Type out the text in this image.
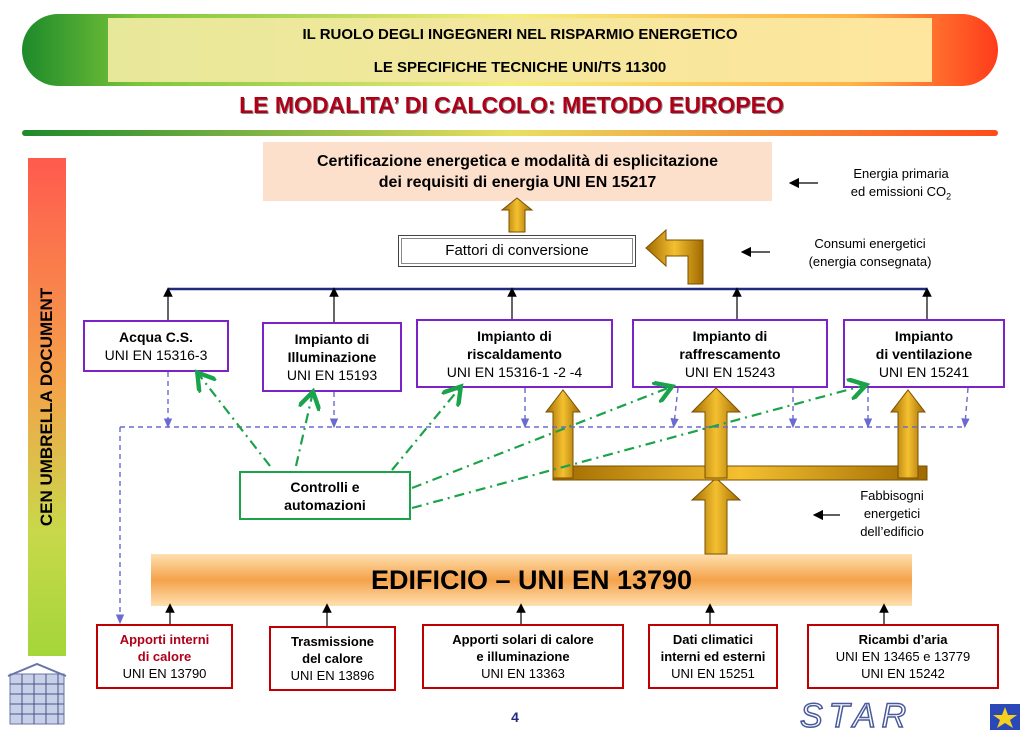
IL RUOLO DEGLI INGEGNERI NEL RISPARMIO ENERGETICO
LE SPECIFICHE TECNICHE UNI/TS 11300
LE MODALITA’ DI CALCOLO: METODO EUROPEO
CEN UMBRELLA DOCUMENT
Certificazione energetica e modalità di esplicitazione
dei requisiti di energia UNI EN 15217	Energia primaria
ed emissioni $CO_2$
Fattori di conversione	Consumi energetici
(energia consegnata)
Acqua C.S.
UNI EN 15316-3
Impianto di
Illuminazione
UNI EN 15193
Impianto di
riscaldamento
UNI EN 15316-1 -2 -4
Impianto di
raffrescamento
UNI EN 15243
Impianto
di ventilazione
UNI EN 15241
Controlli e
automazioni
Fabbisogni
energetici
dell’edificio
EDIFICIO – UNI EN 13790
Apporti interni
di calore
UNI EN 13790
Trasmissione
del calore
UNI EN 13896
Apporti solari di calore
e illuminazione
UNI EN 13363
Dati climatici
interni ed esterni
UNI EN 15251
Ricambi d’aria
UNI EN 13465 e 13779
UNI EN 15242
STAR
4
